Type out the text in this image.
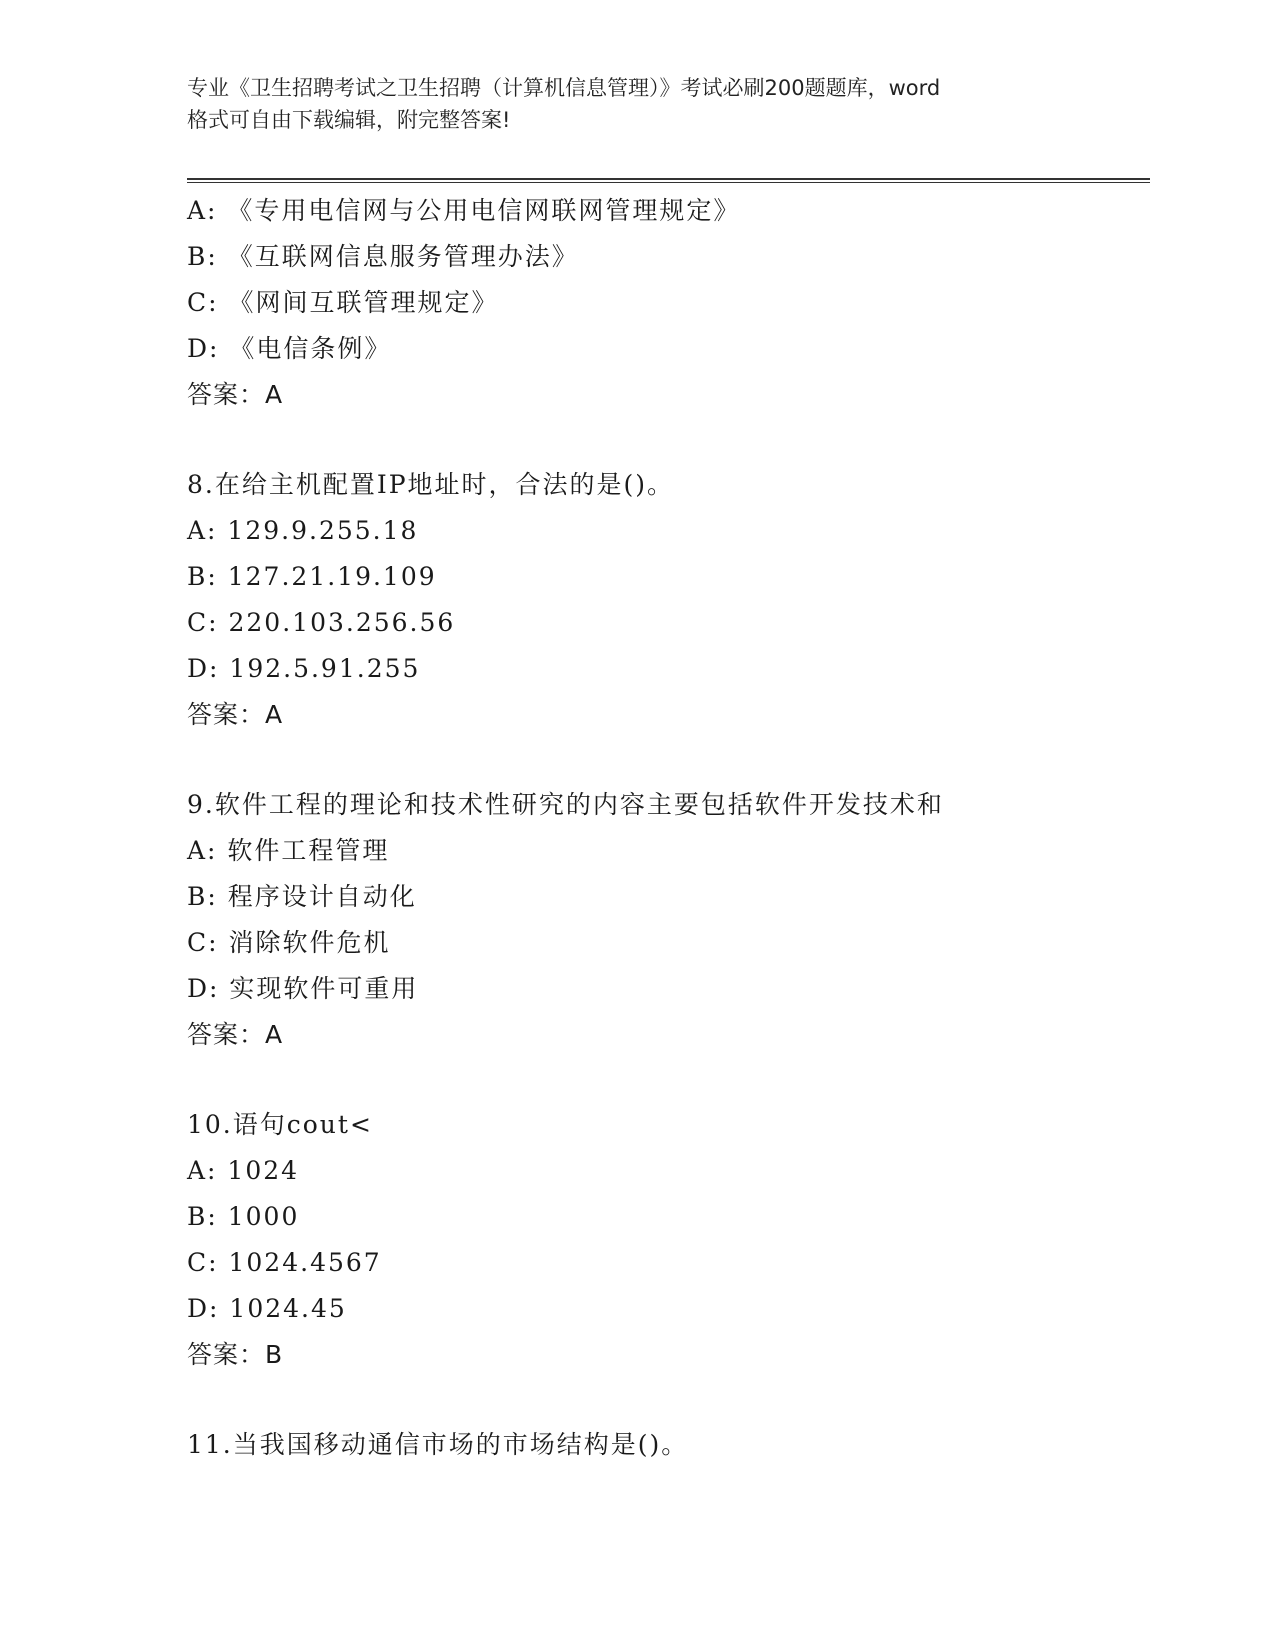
专业《卫生招聘考试之卫生招聘（计算机信息管理）》考试必刷200题题库，word
格式可自由下载编辑，附完整答案!
A: 《专用电信网与公用电信网联网管理规定》
B: 《互联网信息服务管理办法》
C: 《网间互联管理规定》
D: 《电信条例》
答案：A
8.在给主机配置IP地址时，合法的是()。
A: 129.9.255.18
B: 127.21.19.109
C: 220.103.256.56
D: 192.5.91.255
答案：A
9.软件工程的理论和技术性研究的内容主要包括软件开发技术和
A: 软件工程管理
B: 程序设计自动化
C: 消除软件危机
D: 实现软件可重用
答案：A
10.语句cout<
A: 1024
B: 1000
C: 1024.4567
D: 1024.45
答案：B
11.当我国移动通信市场的市场结构是()。
